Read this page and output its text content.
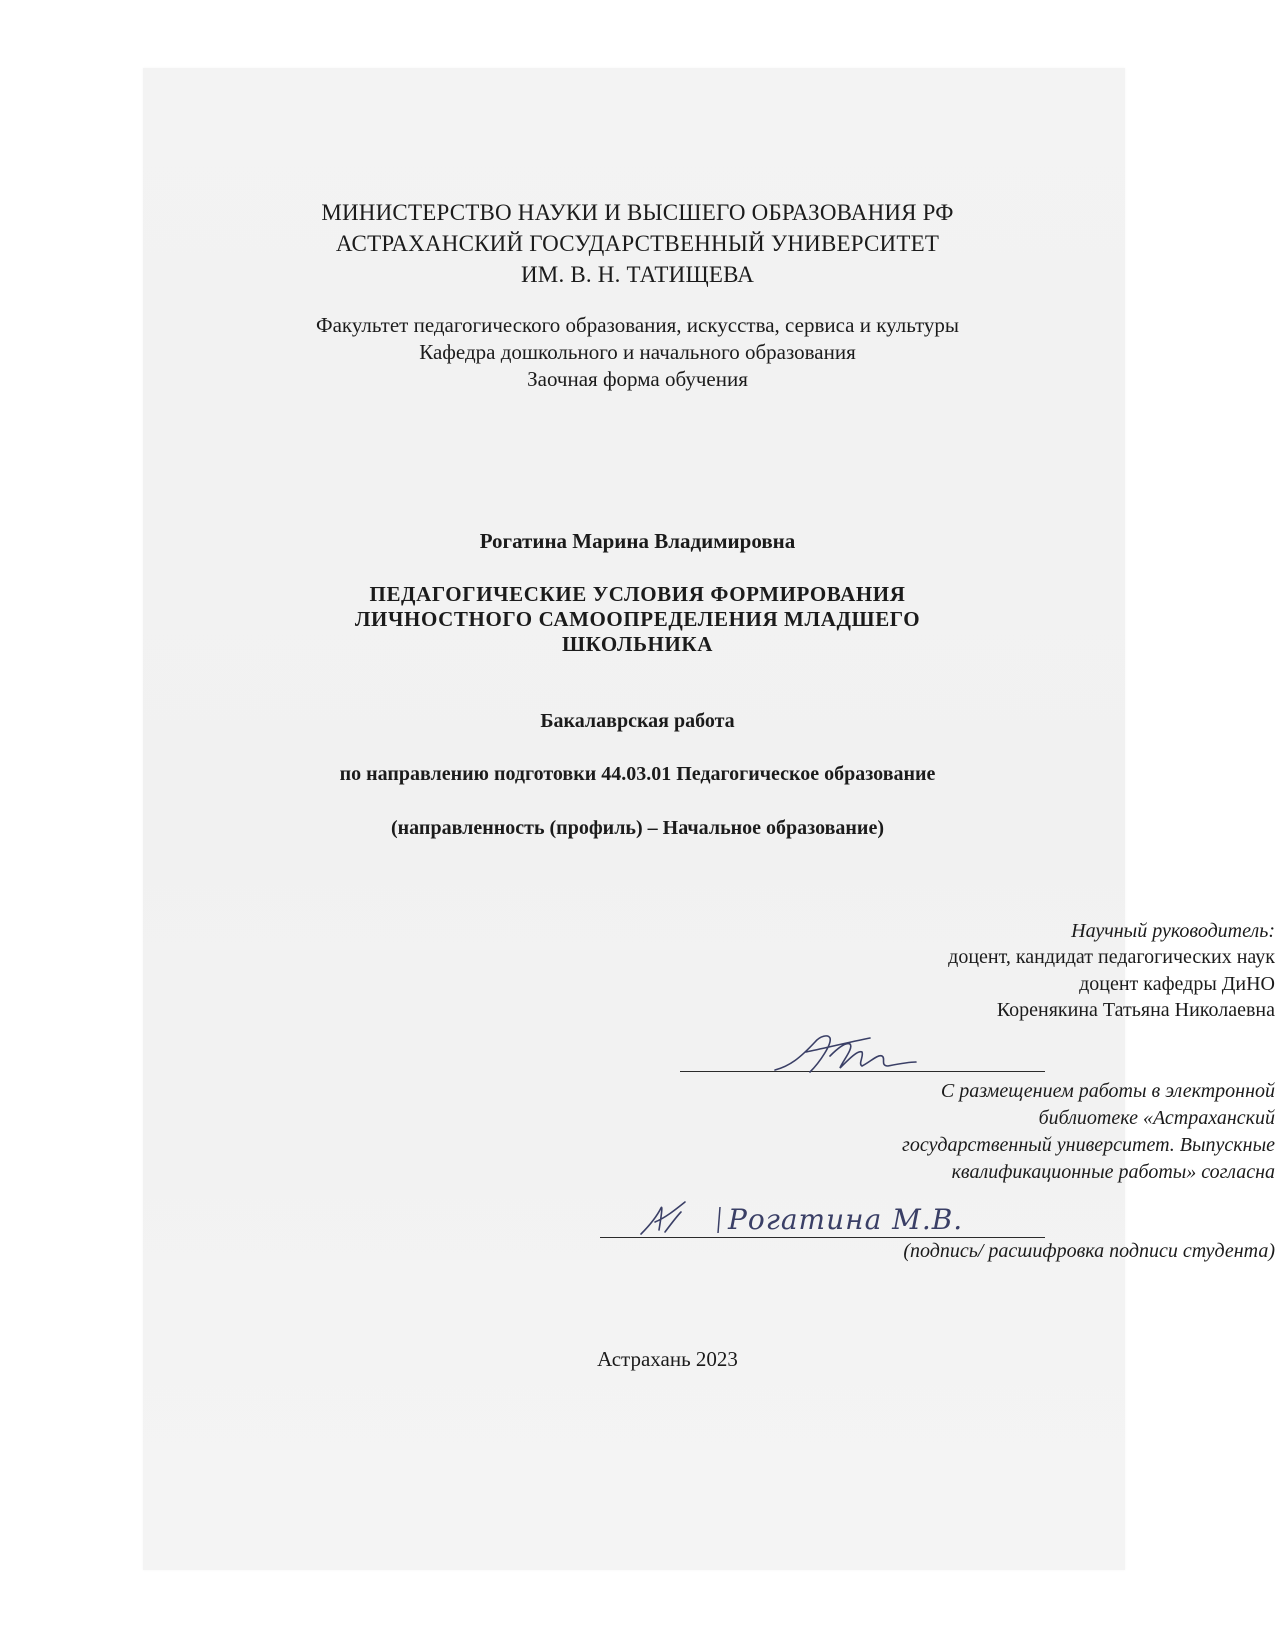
МИНИСТЕРСТВО НАУКИ И ВЫСШЕГО ОБРАЗОВАНИЯ РФ
АСТРАХАНСКИЙ ГОСУДАРСТВЕННЫЙ УНИВЕРСИТЕТ
ИМ. В. Н. ТАТИЩЕВА
Факультет педагогического образования, искусства, сервиса и культуры
Кафедра дошкольного и начального образования
Заочная форма обучения
Рогатина Марина Владимировна
ПЕДАГОГИЧЕСКИЕ УСЛОВИЯ ФОРМИРОВАНИЯ
ЛИЧНОСТНОГО САМООПРЕДЕЛЕНИЯ МЛАДШЕГО
ШКОЛЬНИКА
Бакалаврская работа
по направлению подготовки 44.03.01 Педагогическое образование
(направленность (профиль) – Начальное образование)
Научный руководитель:
доцент, кандидат педагогических наук
доцент кафедры ДиНО
Коренякина Татьяна Николаевна
С размещением работы в электронной
библиотеке «Астраханский
государственный университет. Выпускные
квалификационные работы» согласна
Рогатина М.В.
(подпись/ расшифровка подписи студента)
Астрахань 2023
